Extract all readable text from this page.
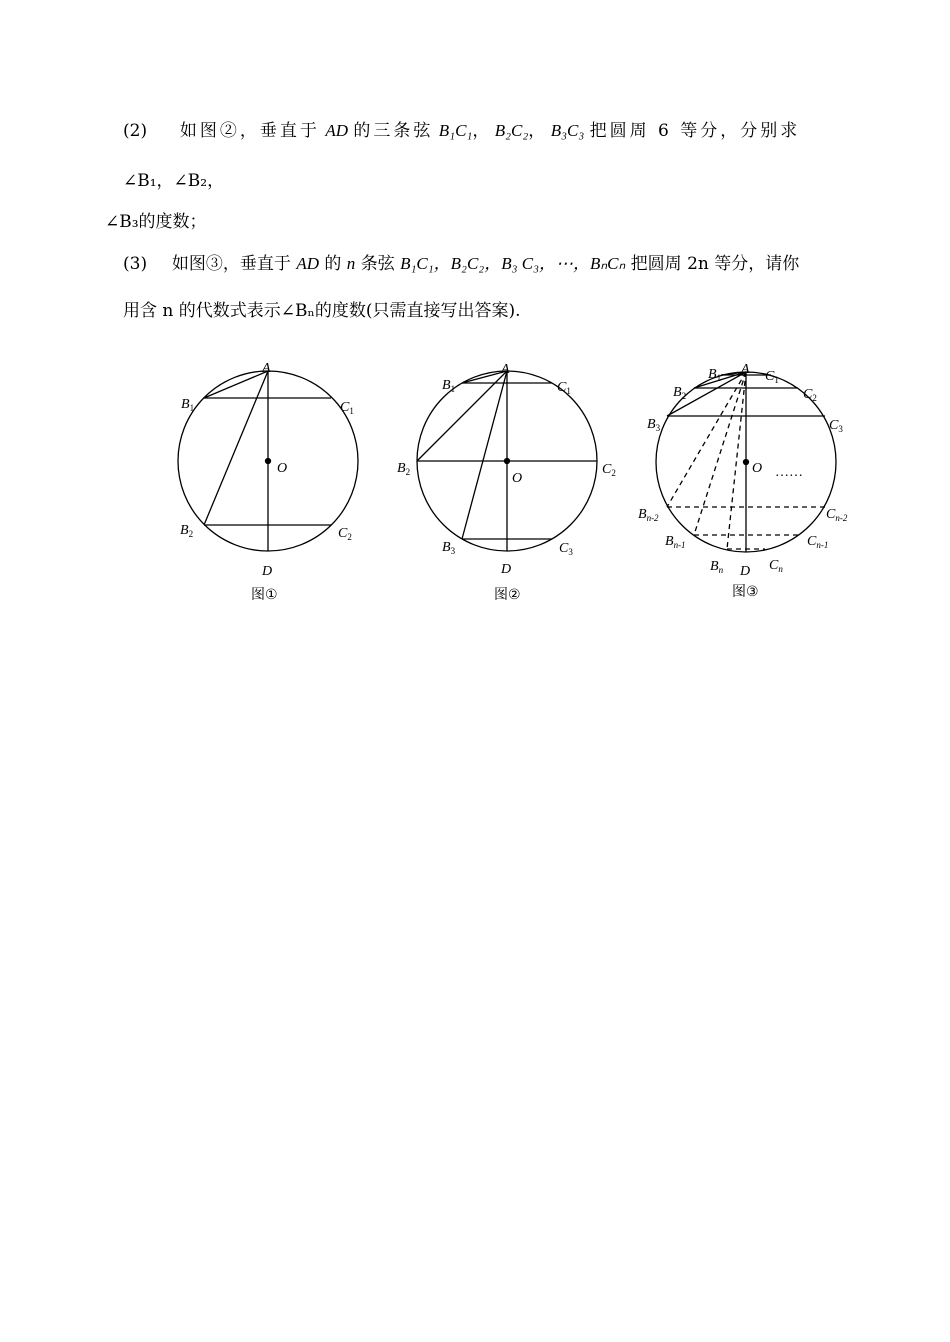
(2) 如图②，垂直于 AD 的三条弦 B₁C₁， B₂C₂， B₃C₃ 把圆周 6 等分，分别求
∠B₁，∠B₂，
∠B₃的度数；
(3) 如图③，垂直于 AD 的 n 条弦 B₁C₁，B₂C₂，B₃ C₃，⋯，BₙCₙ 把圆周 2n 等分，请你
用含 n 的代数式表示∠Bₙ的度数(只需直接写出答案).
A
$B_1$	$C_1$
O
$B_2$	$C_2$
D
图①
A
$B_1$	$C_1$
$B_2$	$C_2$
O
$B_3$	$C_3$
D
图②
A
$B_1$	$C_1$
$B_2$	$C_2$
$B_3$	$C_3$
O ……
$B_{n-2}$	$C_{n-2}$
$B_{n-1}$	$C_{n-1}$
$B_n$ D $C_n$
图③
